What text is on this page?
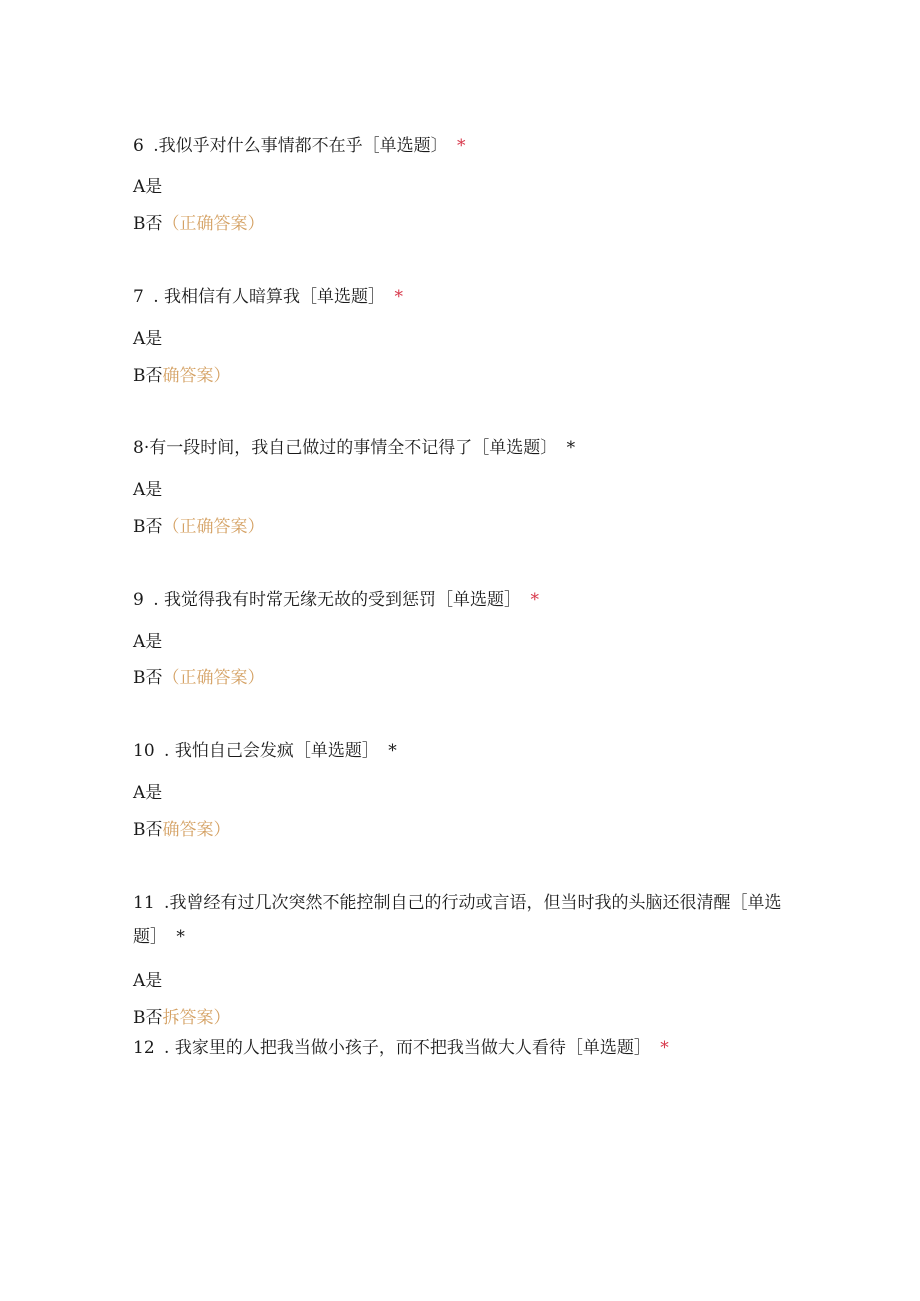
6 .我似乎对什么事情都不在乎［单选题〕 *
A是
B否（正确答案）
7 . 我相信有人暗算我［单选题］ *
A是
B否确答案）
8·有一段时间，我自己做过的事情全不记得了［单选题〕 *
A是
B否（正确答案）
9 . 我觉得我有时常无缘无故的受到惩罚［单选题］ *
A是
B否（正确答案）
10 . 我怕自己会发疯［单选题］ *
A是
B否确答案）
11 .我曾经有过几次突然不能控制自己的行动或言语，但当时我的头脑还很清醒［单选题］ *
A是
B否拆答案）
12 . 我家里的人把我当做小孩子，而不把我当做大人看待［单选题］ *
